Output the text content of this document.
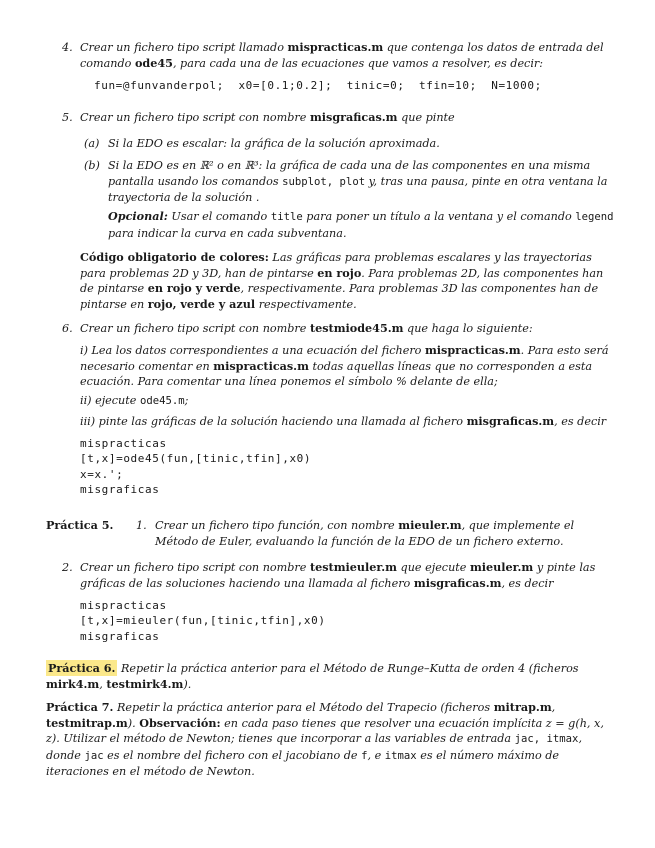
4. Crear un fichero tipo script llamado mispracticas.m que contenga los datos de entrada del comando ode45, para cada una de las ecuaciones que vamos a resolver, es decir:
fun=@funvanderpol;  x0=[0.1;0.2];  tinic=0;  tfin=10;  N=1000;
5. Crear un fichero tipo script con nombre misgraficas.m que pinte
(a) Si la EDO es escalar: la gráfica de la solución aproximada.
(b) Si la EDO es en ℝ² o en ℝ³: la gráfica de cada una de las componentes en una misma pantalla usando los comandos subplot, plot y, tras una pausa, pinte en otra ventana la trayectoria de la solución .
Opcional: Usar el comando title para poner un título a la ventana y el comando legend para indicar la curva en cada subventana.
Código obligatorio de colores: Las gráficas para problemas escalares y las trayectorias para problemas 2D y 3D, han de pintarse en rojo. Para problemas 2D, las componentes han de pintarse en rojo y verde, respectivamente. Para problemas 3D las componentes han de pintarse en rojo, verde y azul respectivamente.
6. Crear un fichero tipo script con nombre testmiode45.m que haga lo siguiente:
i) Lea los datos correspondientes a una ecuación del fichero mispracticas.m. Para esto será necesario comentar en mispracticas.m todas aquellas líneas que no corresponden a esta ecuación. Para comentar una línea ponemos el símbolo % delante de ella;
ii) ejecute ode45.m;
iii) pinte las gráficas de la solución haciendo una llamada al fichero misgraficas.m, es decir
mispracticas
[t,x]=ode45(fun,[tinic,tfin],x0)
x=x.';
misgraficas
Práctica 5. 1. Crear un fichero tipo función, con nombre mieuler.m, que implemente el Método de Euler, evaluando la función de la EDO de un fichero externo.
2. Crear un fichero tipo script con nombre testmieuler.m que ejecute mieuler.m y pinte las gráficas de las soluciones haciendo una llamada al fichero misgraficas.m, es decir
mispracticas
[t,x]=mieuler(fun,[tinic,tfin],x0)
misgraficas
Práctica 6. Repetir la práctica anterior para el Método de Runge–Kutta de orden 4 (ficheros mirk4.m, testmirk4.m).
Práctica 7. Repetir la práctica anterior para el Método del Trapecio (ficheros mitrap.m, testmitrap.m). Observación: en cada paso tienes que resolver una ecuación implícita z = g(h, x, z). Utilizar el método de Newton; tienes que incorporar a las variables de entrada jac, itmax, donde jac es el nombre del fichero con el jacobiano de f, e itmax es el número máximo de iteraciones en el método de Newton.
